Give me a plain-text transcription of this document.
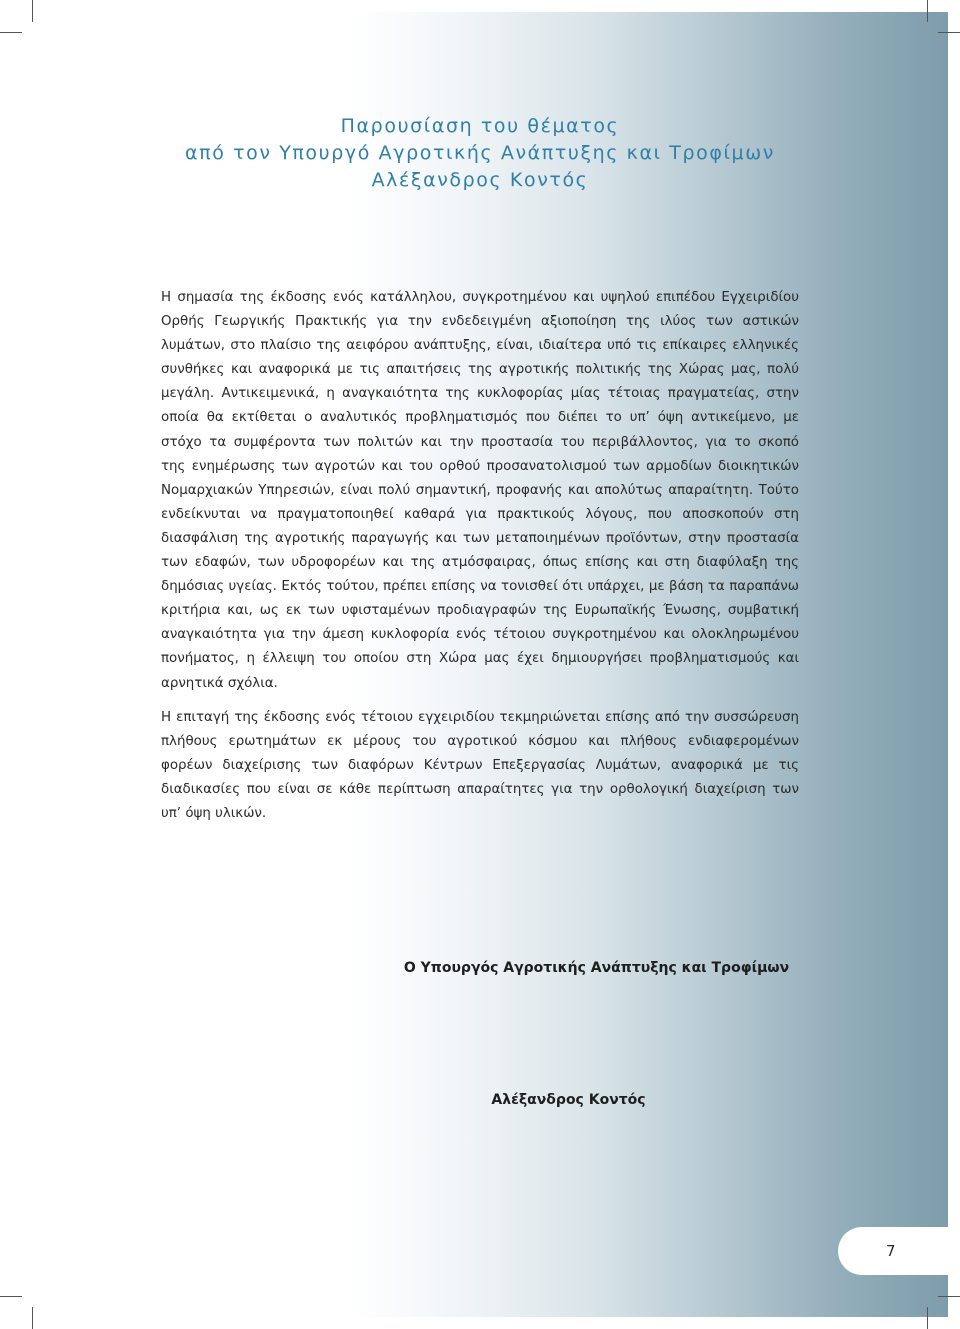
Παρουσίαση του θέματος
από τον Υπουργό Αγροτικής Ανάπτυξης και Τροφίμων
Αλέξανδρος Κοντός
Η σημασία της έκδοσης ενός κατάλληλου, συγκροτημένου και υψηλού επιπέδου Εγχειριδίου
Ορθής Γεωργικής Πρακτικής για την ενδεδειγμένη αξιοποίηση της ιλύος των αστικών
λυμάτων, στο πλαίσιο της αειφόρου ανάπτυξης, είναι, ιδιαίτερα υπό τις επίκαιρες ελληνικές
συνθήκες και αναφορικά με τις απαιτήσεις της αγροτικής πολιτικής της Χώρας μας, πολύ
μεγάλη. Αντικειμενικά, η αναγκαιότητα της κυκλοφορίας μίας τέτοιας πραγματείας, στην
οποία θα εκτίθεται ο αναλυτικός προβληματισμός που διέπει το υπ’ όψη αντικείμενο, με
στόχο τα συμφέροντα των πολιτών και την προστασία του περιβάλλοντος, για το σκοπό
της ενημέρωσης των αγροτών και του ορθού προσανατολισμού των αρμοδίων διοικητικών
Νομαρχιακών Υπηρεσιών, είναι πολύ σημαντική, προφανής και απολύτως απαραίτητη. Τούτο
ενδείκνυται να πραγματοποιηθεί καθαρά για πρακτικούς λόγους, που αποσκοπούν στη
διασφάλιση της αγροτικής παραγωγής και των μεταποιημένων προϊόντων, στην προστασία
των εδαφών, των υδροφορέων και της ατμόσφαιρας, όπως επίσης και στη διαφύλαξη της
δημόσιας υγείας. Εκτός τούτου, πρέπει επίσης να τονισθεί ότι υπάρχει, με βάση τα παραπάνω
κριτήρια και, ως εκ των υφισταμένων προδιαγραφών της Ευρωπαϊκής Ένωσης, συμβατική
αναγκαιότητα για την άμεση κυκλοφορία ενός τέτοιου συγκροτημένου και ολοκληρωμένου
πονήματος, η έλλειψη του οποίου στη Χώρα μας έχει δημιουργήσει προβληματισμούς και
αρνητικά σχόλια.
Η επιταγή της έκδοσης ενός τέτοιου εγχειριδίου τεκμηριώνεται επίσης από την συσσώρευση
πλήθους ερωτημάτων εκ μέρους του αγροτικού κόσμου και πλήθους ενδιαφερομένων
φορέων διαχείρισης των διαφόρων Κέντρων Επεξεργασίας Λυμάτων, αναφορικά με τις
διαδικασίες που είναι σε κάθε περίπτωση απαραίτητες για την ορθολογική διαχείριση των
υπ’ όψη υλικών.
Ο Υπουργός Αγροτικής Ανάπτυξης και Τροφίμων
Αλέξανδρος Κοντός
7
